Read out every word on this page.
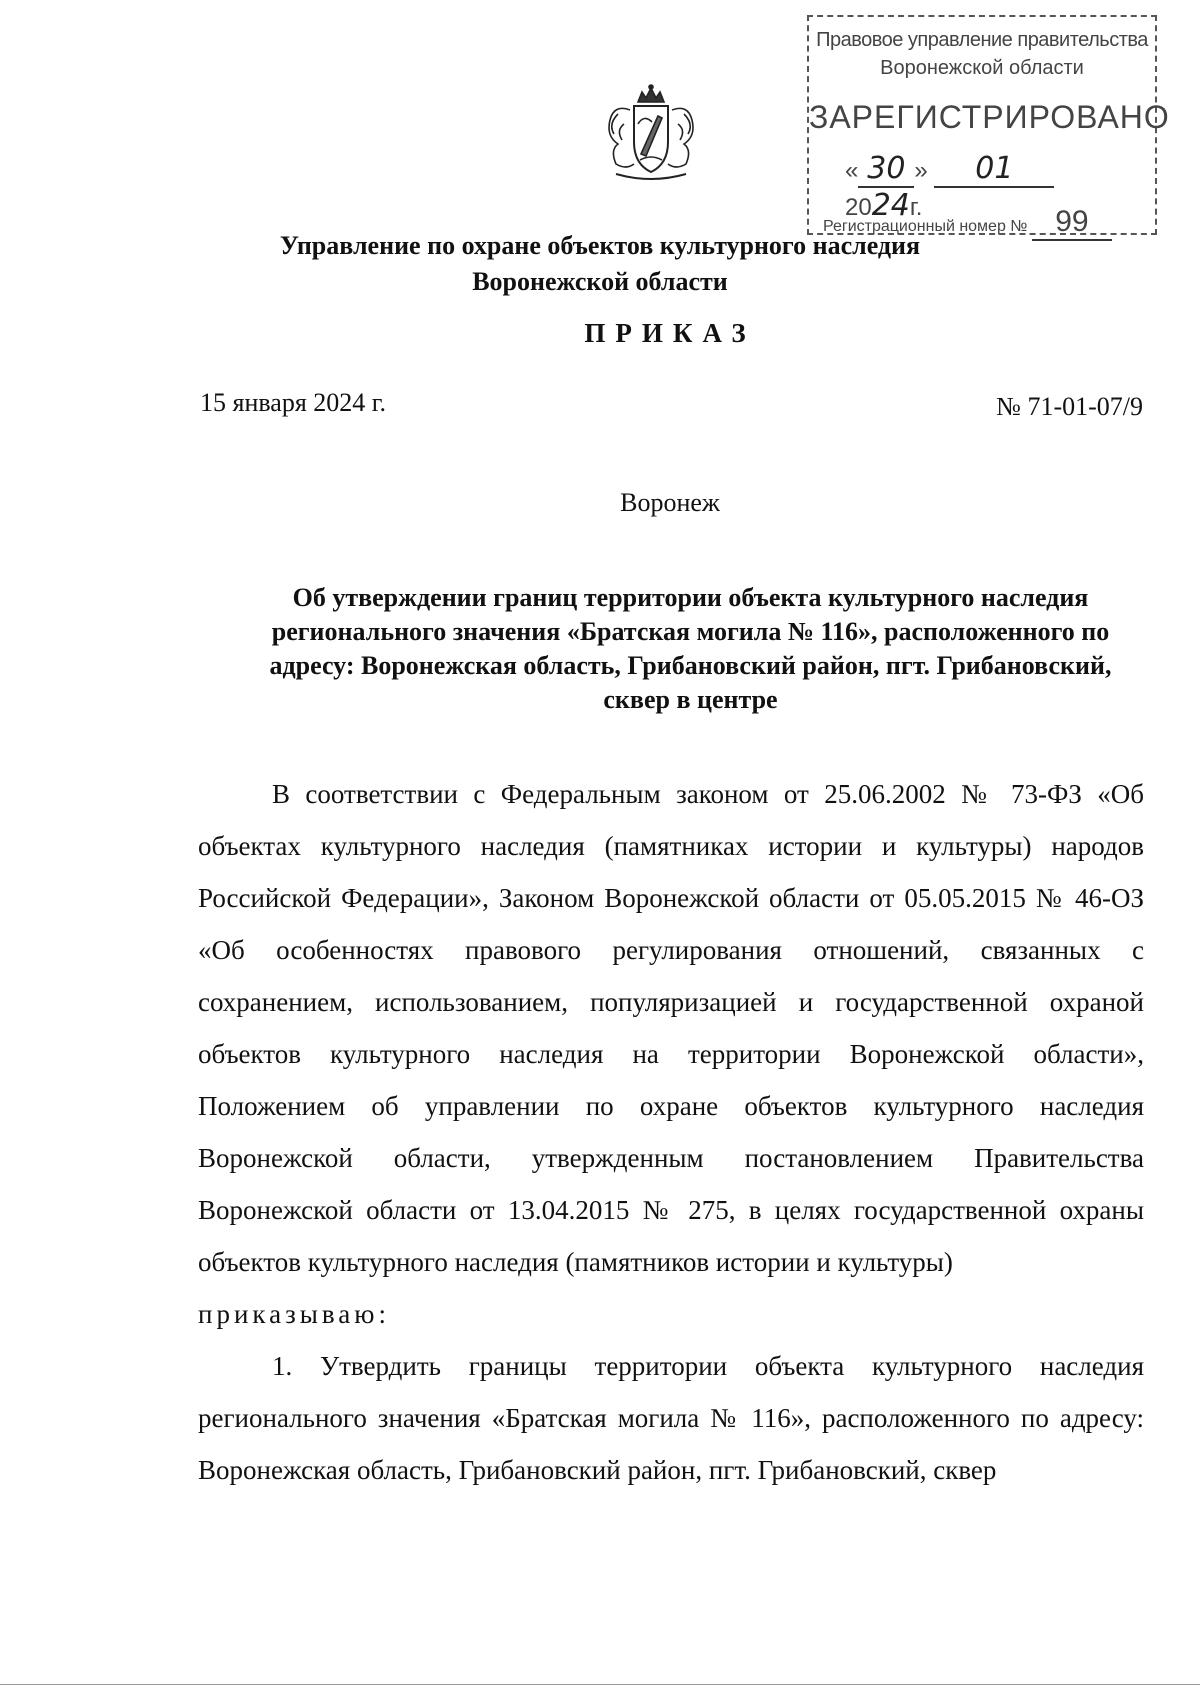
Правовое управление правительства
Воронежской области
ЗАРЕГИСТРИРОВАНО
« 30 » 01 2024г.
Регистрационный номер № 99
Управление по охране объектов культурного наследия
Воронежской области
ПРИКАЗ
15 января 2024 г.	№ 71-01-07/9
Воронеж
Об утверждении границ территории объекта культурного наследия регионального значения «Братская могила № 116», расположенного по адресу: Воронежская область, Грибановский район, пгт. Грибановский, сквер в центре

В соответствии с Федеральным законом от 25.06.2002 № 73-ФЗ «Об объектах культурного наследия (памятниках истории и культуры) народов Российской Федерации», Законом Воронежской области от 05.05.2015 № 46-ОЗ «Об особенностях правового регулирования отношений, связанных с сохранением, использованием, популяризацией и государственной охраной объектов культурного наследия на территории Воронежской области», Положением об управлении по охране объектов культурного наследия Воронежской области, утвержденным постановлением Правительства Воронежской области от 13.04.2015 № 275, в целях государственной охраны объектов культурного наследия (памятников истории и культуры)

приказываю:

1. Утвердить границы территории объекта культурного наследия регионального значения «Братская могила № 116», расположенного по адресу: Воронежская область, Грибановский район, пгт. Грибановский, сквер
